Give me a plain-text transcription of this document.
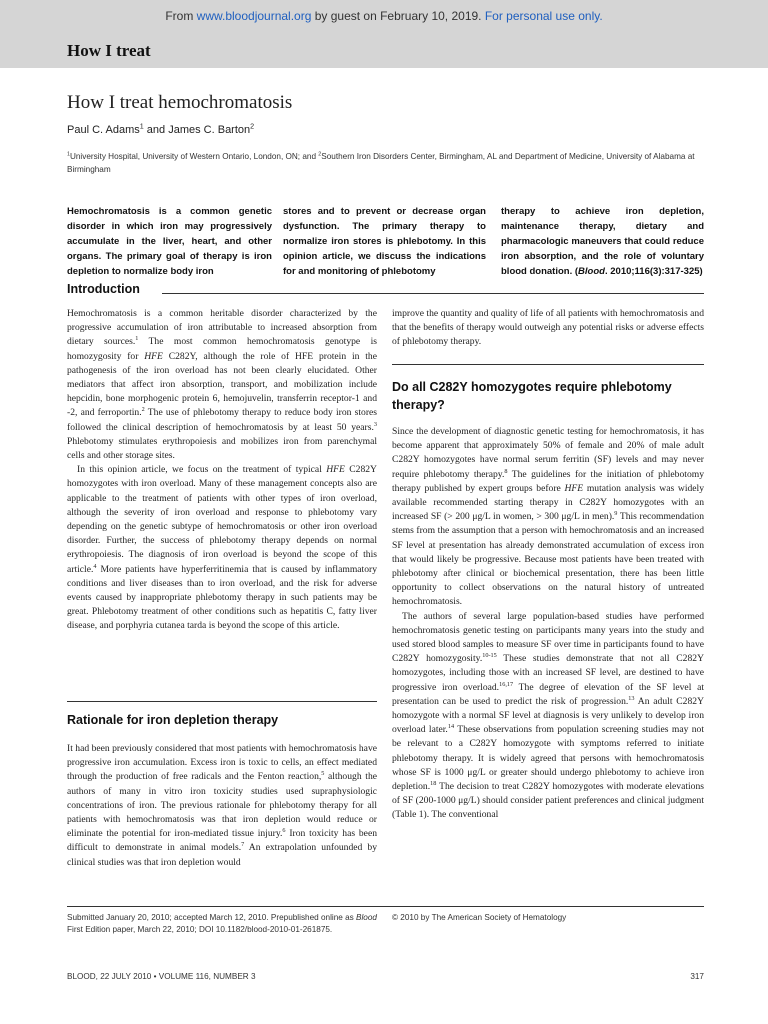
From www.bloodjournal.org by guest on February 10, 2019. For personal use only.
How I treat
How I treat hemochromatosis
Paul C. Adams$^1$ and James C. Barton$^2$
$^1$University Hospital, University of Western Ontario, London, ON; and $^2$Southern Iron Disorders Center, Birmingham, AL and Department of Medicine, University of Alabama at Birmingham
Hemochromatosis is a common genetic disorder in which iron may progressively accumulate in the liver, heart, and other organs. The primary goal of therapy is iron depletion to normalize body iron
stores and to prevent or decrease organ dysfunction. The primary therapy to normalize iron stores is phlebotomy. In this opinion article, we discuss the indications for and monitoring of phlebotomy
therapy to achieve iron depletion, maintenance therapy, dietary and pharmacologic maneuvers that could reduce iron absorption, and the role of voluntary blood donation. (Blood. 2010;116(3):317-325)
Introduction

Hemochromatosis is a common heritable disorder characterized by the progressive accumulation of iron attributable to increased absorption from dietary sources.$^1$ The most common hemochromatosis genotype is homozygosity for HFE C282Y, although the role of HFE protein in the pathogenesis of the iron overload has not been clearly elucidated. Other mediators that affect iron absorption, transport, and mobilization include hepcidin, bone morphogenic protein 6, hemojuvelin, transferrin receptor-1 and -2, and ferroportin.$^2$ The use of phlebotomy therapy to reduce body iron stores followed the clinical description of hemochromatosis by at least 50 years.$^3$ Phlebotomy stimulates erythropoiesis and mobilizes iron from parenchymal cells and other storage sites.

In this opinion article, we focus on the treatment of typical HFE C282Y homozygotes with iron overload. Many of these management concepts also are applicable to the treatment of patients with other types of iron overload, although the severity of iron overload and response to phlebotomy vary depending on the genetic subtype of hemochromatosis or other iron overload disorder. Further, the success of phlebotomy therapy depends on normal erythropoiesis. The diagnosis of iron overload is beyond the scope of this article.$^4$ More patients have hyperferritinemia that is caused by inflammatory conditions and liver diseases than to iron overload, and the risk for adverse events caused by inappropriate phlebotomy therapy in such patients may be great. Phlebotomy treatment of other conditions such as hepatitis C, fatty liver disease, and porphyria cutanea tarda is beyond the scope of this article.

Rationale for iron depletion therapy

It had been previously considered that most patients with hemochromatosis have progressive iron accumulation. Excess iron is toxic to cells, an effect mediated through the production of free radicals and the Fenton reaction,$^5$ although the authors of many in vitro iron toxicity studies used supraphysiologic concentrations of iron. The previous rationale for phlebotomy therapy for all patients with hemochromatosis was that iron depletion would reduce or eliminate the potential for iron-mediated tissue injury.$^6$ Iron toxicity has been difficult to demonstrate in animal models.$^7$ An extrapolation unfounded by clinical studies was that iron depletion would

improve the quantity and quality of life of all patients with hemochromatosis and that the benefits of therapy would outweigh any potential risks or adverse effects of phlebotomy therapy.

Do all C282Y homozygotes require phlebotomy therapy?

Since the development of diagnostic genetic testing for hemochromatosis, it has become apparent that approximately 50% of female and 20% of male adult C282Y homozygotes have normal serum ferritin (SF) levels and may never require phlebotomy therapy.$^8$ The guidelines for the initiation of phlebotomy therapy published by expert groups before HFE mutation analysis was widely available recommended starting therapy in C282Y homozygotes with an increased SF (> 200 μg/L in women, > 300 μg/L in men).$^9$ This recommendation stems from the assumption that a person with hemochromatosis and an increased SF level at presentation has already demonstrated accumulation of excess iron that would likely be progressive. Because most patients have been treated with phlebotomy after clinical or biochemical presentation, there has been little opportunity to collect observations on the natural history of untreated hemochromatosis.

The authors of several large population-based studies have performed hemochromatosis genetic testing on participants many years into the study and used stored blood samples to measure SF over time in participants found to have C282Y homozygosity.$^{10-15}$ These studies demonstrate that not all C282Y homozygotes, including those with an increased SF level, are destined to have progressive iron overload.$^{16,17}$ The degree of elevation of the SF level at presentation can be used to predict the risk of progression.$^{13}$ An adult C282Y homozygote with a normal SF level at diagnosis is very unlikely to develop iron overload later.$^{14}$ These observations from population screening studies may not be relevant to a C282Y homozygote with symptoms referred to initiate phlebotomy therapy. It is widely agreed that persons with hemochromatosis whose SF is 1000 μg/L or greater should undergo phlebotomy to achieve iron depletion.$^{18}$ The decision to treat C282Y homozygotes with moderate elevations of SF (200-1000 μg/L) should consider patient preferences and clinical judgment (Table 1). The conventional

Submitted January 20, 2010; accepted March 12, 2010. Prepublished online as Blood First Edition paper, March 22, 2010; DOI 10.1182/blood-2010-01-261875.
© 2010 by The American Society of Hematology
BLOOD, 22 JULY 2010 • VOLUME 116, NUMBER 3	317
